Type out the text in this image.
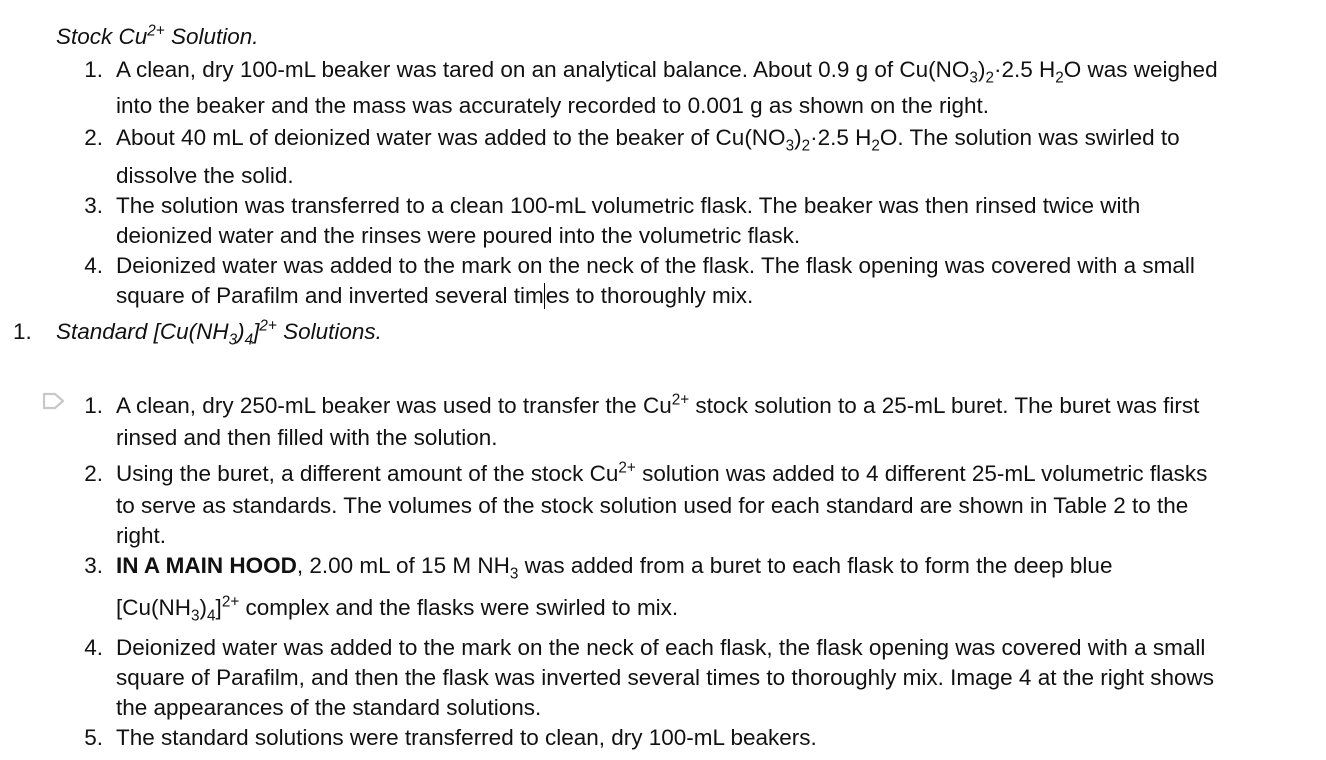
Stock $Cu^{2+}$ Solution.
1. A clean, dry 100-mL beaker was tared on an analytical balance. About 0.9 g of $Cu(NO_3)_2\cdot 2.5$ $H_2O$ was weighed
into the beaker and the mass was accurately recorded to 0.001 g as shown on the right.
2. About 40 mL of deionized water was added to the beaker of $Cu(NO_3)_2\cdot 2.5$ $H_2O$. The solution was swirled to
dissolve the solid.
3. The solution was transferred to a clean 100-mL volumetric flask. The beaker was then rinsed twice with
deionized water and the rinses were poured into the volumetric flask.
4. Deionized water was added to the mark on the neck of the flask. The flask opening was covered with a small
square of Parafilm and inverted several times to thoroughly mix.
1. Standard $[Cu(NH_3)_4]^{2+}$ Solutions.
1. A clean, dry 250-mL beaker was used to transfer the $Cu^{2+}$ stock solution to a 25-mL buret. The buret was first
rinsed and then filled with the solution.
2. Using the buret, a different amount of the stock $Cu^{2+}$ solution was added to 4 different 25-mL volumetric flasks
to serve as standards. The volumes of the stock solution used for each standard are shown in Table 2 to the
right.
3. IN A MAIN HOOD, 2.00 mL of 15 M $NH_3$ was added from a buret to each flask to form the deep blue
$[Cu(NH_3)_4]^{2+}$ complex and the flasks were swirled to mix.
4. Deionized water was added to the mark on the neck of each flask, the flask opening was covered with a small
square of Parafilm, and then the flask was inverted several times to thoroughly mix. Image 4 at the right shows
the appearances of the standard solutions.
5. The standard solutions were transferred to clean, dry 100-mL beakers.
